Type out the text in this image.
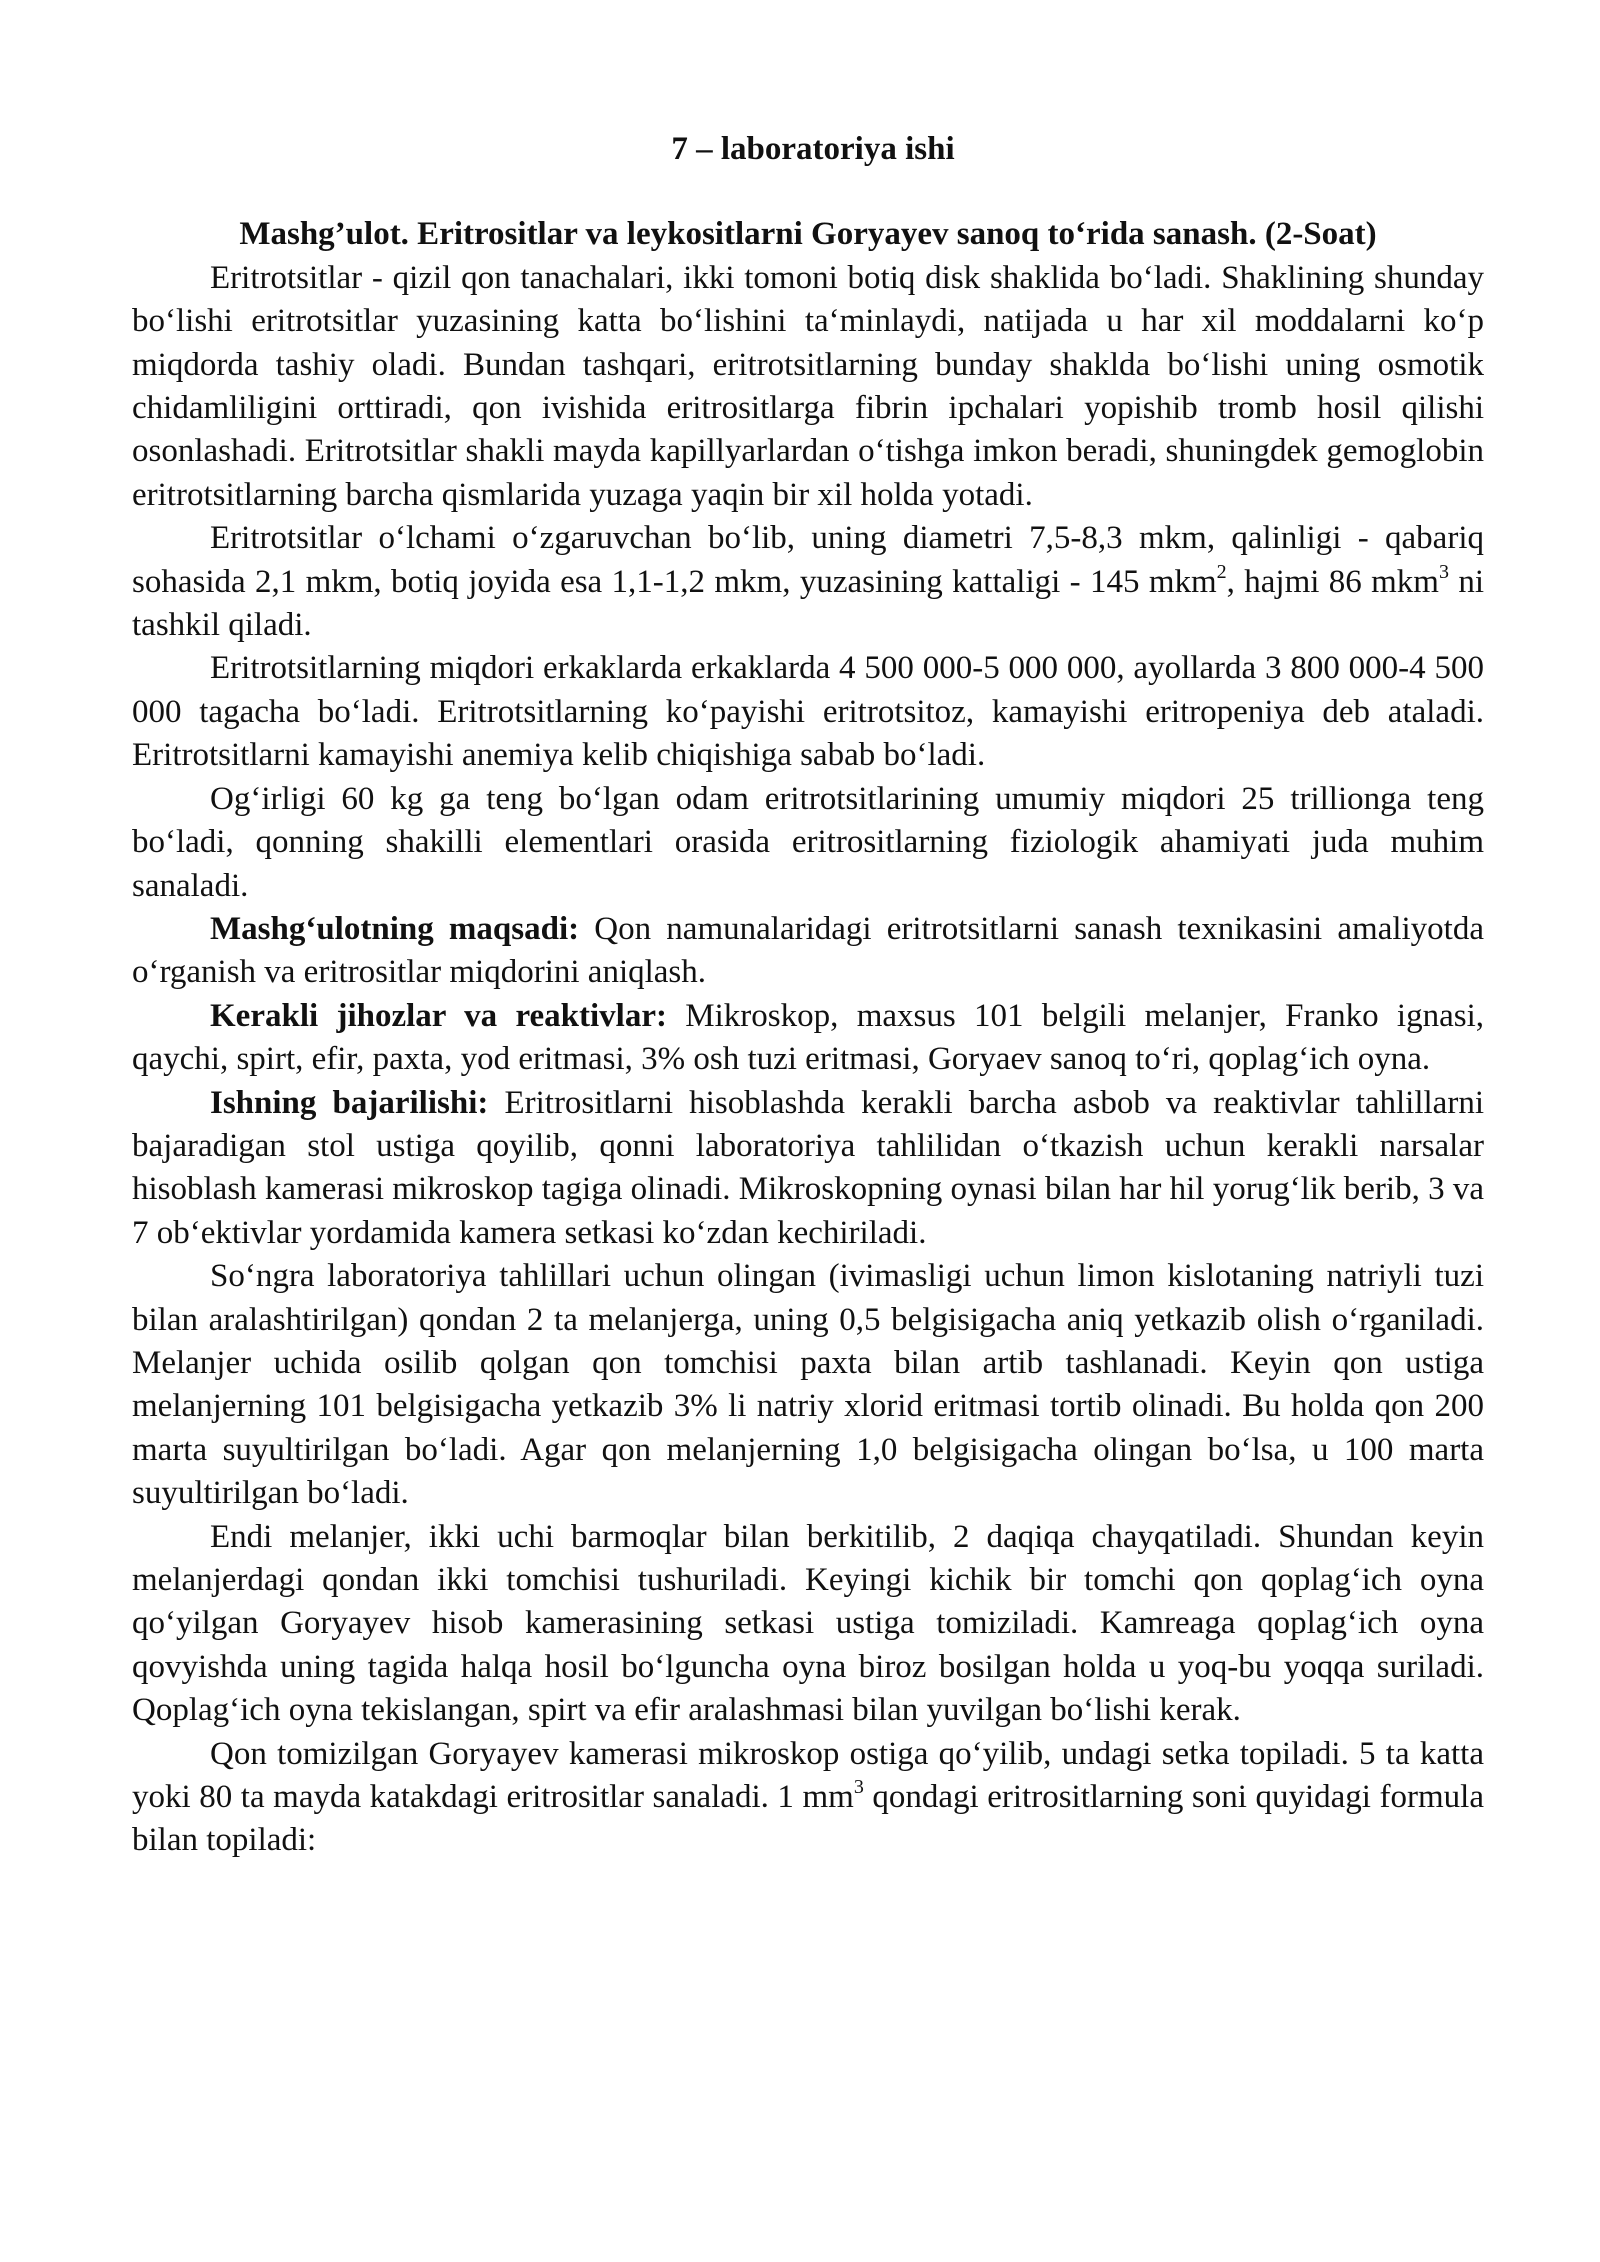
7 – laboratoriya ishi
Mashg’ulot. Eritrositlar va leykositlarni Goryayev sanoq to‘rida sanash. (2-Soat)

Eritrotsitlar - qizil qon tanachalari, ikki tomoni botiq disk shaklida bo‘ladi. Shaklining shunday bo‘lishi eritrotsitlar yuzasining katta bo‘lishini ta‘minlaydi, natijada u har xil moddalarni ko‘p miqdorda tashiy oladi. Bundan tashqari, eritrotsitlarning bunday shaklda bo‘lishi uning osmotik chidamliligini orttiradi, qon ivishida eritrositlarga fibrin ipchalari yopishib tromb hosil qilishi osonlashadi. Eritrotsitlar shakli mayda kapillyarlardan o‘tishga imkon beradi, shuningdek gemoglobin eritrotsitlarning barcha qismlarida yuzaga yaqin bir xil holda yotadi.

Eritrotsitlar o‘lchami o‘zgaruvchan bo‘lib, uning diametri 7,5-8,3 mkm, qalinligi - qabariq sohasida 2,1 mkm, botiq joyida esa 1,1-1,2 mkm, yuzasining kattaligi - 145 mkm$^2$, hajmi 86 mkm$^3$ ni tashkil qiladi.

Eritrotsitlarning miqdori erkaklarda erkaklarda 4 500 000-5 000 000, ayollarda 3 800 000-4 500 000 tagacha bo‘ladi. Eritrotsitlarning ko‘payishi eritrotsitoz, kamayishi eritropeniya deb ataladi. Eritrotsitlarni kamayishi anemiya kelib chiqishiga sabab bo‘ladi.

Og‘irligi 60 kg ga teng bo‘lgan odam eritrotsitlarining umumiy miqdori 25 trillionga teng bo‘ladi, qonning shakilli elementlari orasida eritrositlarning fiziologik ahamiyati juda muhim sanaladi.

Mashg‘ulotning maqsadi: Qon namunalaridagi eritrotsitlarni sanash texnikasini amaliyotda o‘rganish va eritrositlar miqdorini aniqlash.

Kerakli jihozlar va reaktivlar: Mikroskop, maxsus 101 belgili melanjer, Franko ignasi, qaychi, spirt, efir, paxta, yod eritmasi, 3% osh tuzi eritmasi, Goryaev sanoq to‘ri, qoplag‘ich oyna.

Ishning bajarilishi: Eritrositlarni hisoblashda kerakli barcha asbob va reaktivlar tahlillarni bajaradigan stol ustiga qoyilib, qonni laboratoriya tahlilidan o‘tkazish uchun kerakli narsalar hisoblash kamerasi mikroskop tagiga olinadi. Mikroskopning oynasi bilan har hil yorug‘lik berib, 3 va 7 ob‘ektivlar yordamida kamera setkasi ko‘zdan kechiriladi.

So‘ngra laboratoriya tahlillari uchun olingan (ivimasligi uchun limon kislotaning natriyli tuzi bilan aralashtirilgan) qondan 2 ta melanjerga, uning 0,5 belgisigacha aniq yetkazib olish o‘rganiladi. Melanjer uchida osilib qolgan qon tomchisi paxta bilan artib tashlanadi. Keyin qon ustiga melanjerning 101 belgisigacha yetkazib 3% li natriy xlorid eritmasi tortib olinadi. Bu holda qon 200 marta suyultirilgan bo‘ladi. Agar qon melanjerning 1,0 belgisigacha olingan bo‘lsa, u 100 marta suyultirilgan bo‘ladi.

Endi melanjer, ikki uchi barmoqlar bilan berkitilib, 2 daqiqa chayqatiladi. Shundan keyin melanjerdagi qondan ikki tomchisi tushuriladi. Keyingi kichik bir tomchi qon qoplag‘ich oyna qo‘yilgan Goryayev hisob kamerasining setkasi ustiga tomiziladi. Kamreaga qoplag‘ich oyna qovyishda uning tagida halqa hosil bo‘lguncha oyna biroz bosilgan holda u yoq-bu yoqqa suriladi. Qoplag‘ich oyna tekislangan, spirt va efir aralashmasi bilan yuvilgan bo‘lishi kerak.

Qon tomizilgan Goryayev kamerasi mikroskop ostiga qo‘yilib, undagi setka topiladi. 5 ta katta yoki 80 ta mayda katakdagi eritrositlar sanaladi. 1 $mm^3$ qondagi eritrositlarning soni quyidagi formula bilan topiladi:
